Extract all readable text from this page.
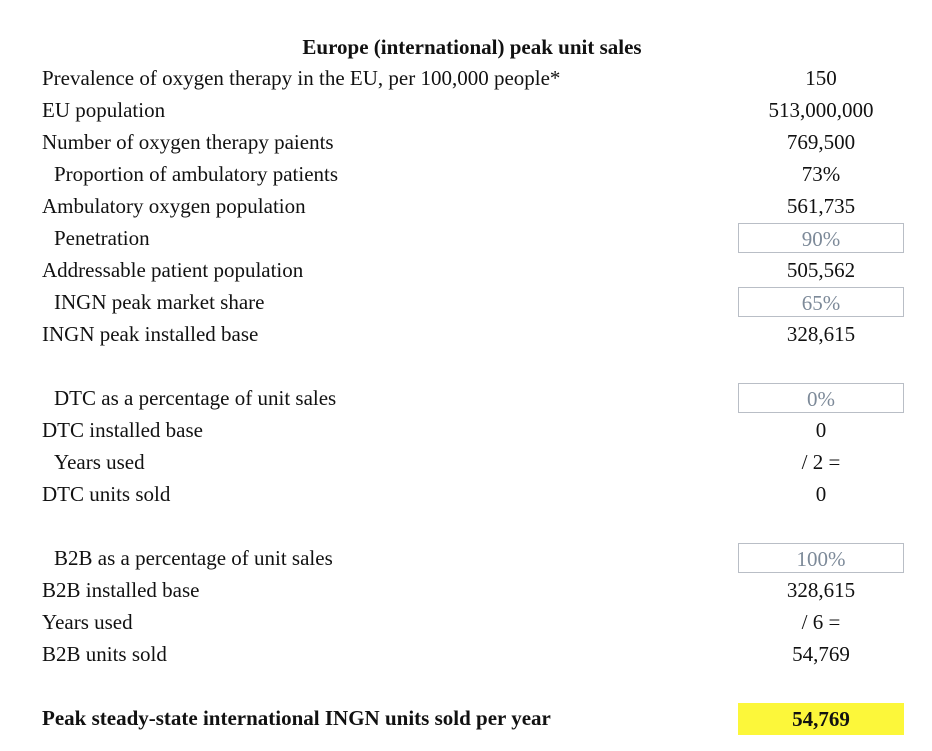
Europe (international) peak unit sales
Prevalence of oxygen therapy in the EU, per 100,000 people*	150
EU population	513,000,000
Number of oxygen therapy paients	769,500
Proportion of ambulatory patients	73%
Ambulatory oxygen population	561,735
Penetration	90%
Addressable patient population	505,562
INGN peak market share	65%
INGN peak installed base	328,615
DTC as a percentage of unit sales	0%
DTC installed base	0
Years used	/ 2 =
DTC units sold	0
B2B as a percentage of unit sales	100%
B2B installed base	328,615
Years used	/ 6 =
B2B units sold	54,769
Peak steady-state international INGN units sold per year	54,769
